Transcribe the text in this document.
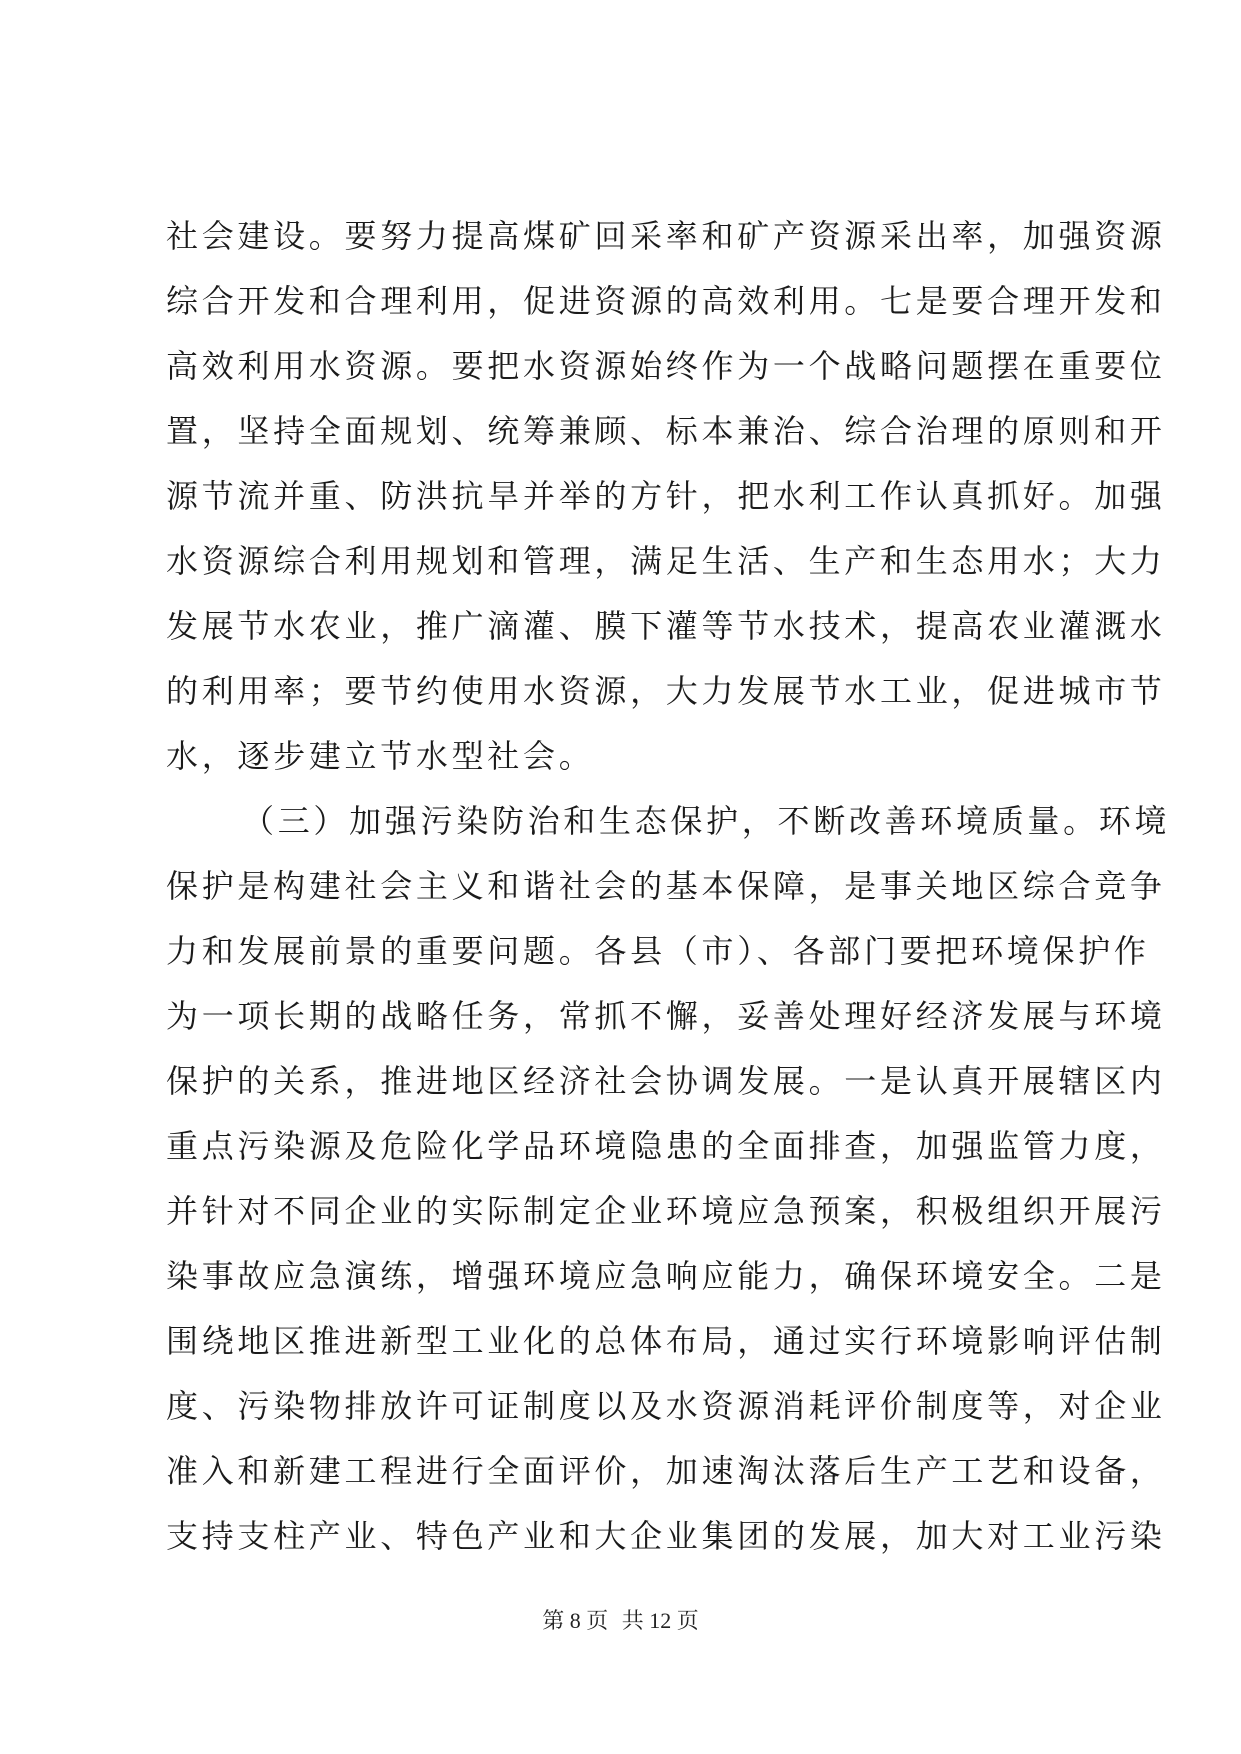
社会建设。要努力提高煤矿回采率和矿产资源采出率，加强资源
综合开发和合理利用，促进资源的高效利用。七是要合理开发和
高效利用水资源。要把水资源始终作为一个战略问题摆在重要位
置，坚持全面规划、统筹兼顾、标本兼治、综合治理的原则和开
源节流并重、防洪抗旱并举的方针，把水利工作认真抓好。加强
水资源综合利用规划和管理，满足生活、生产和生态用水；大力
发展节水农业，推广滴灌、膜下灌等节水技术，提高农业灌溉水
的利用率；要节约使用水资源，大力发展节水工业，促进城市节
水，逐步建立节水型社会。
（三）加强污染防治和生态保护，不断改善环境质量。环境
保护是构建社会主义和谐社会的基本保障，是事关地区综合竞争
力和发展前景的重要问题。各县（市）、各部门要把环境保护作
为一项长期的战略任务，常抓不懈，妥善处理好经济发展与环境
保护的关系，推进地区经济社会协调发展。一是认真开展辖区内
重点污染源及危险化学品环境隐患的全面排查，加强监管力度，
并针对不同企业的实际制定企业环境应急预案，积极组织开展污
染事故应急演练，增强环境应急响应能力，确保环境安全。二是
围绕地区推进新型工业化的总体布局，通过实行环境影响评估制
度、污染物排放许可证制度以及水资源消耗评价制度等，对企业
准入和新建工程进行全面评价，加速淘汰落后生产工艺和设备，
支持支柱产业、特色产业和大企业集团的发展，加大对工业污染
第 8 页 共 12 页
